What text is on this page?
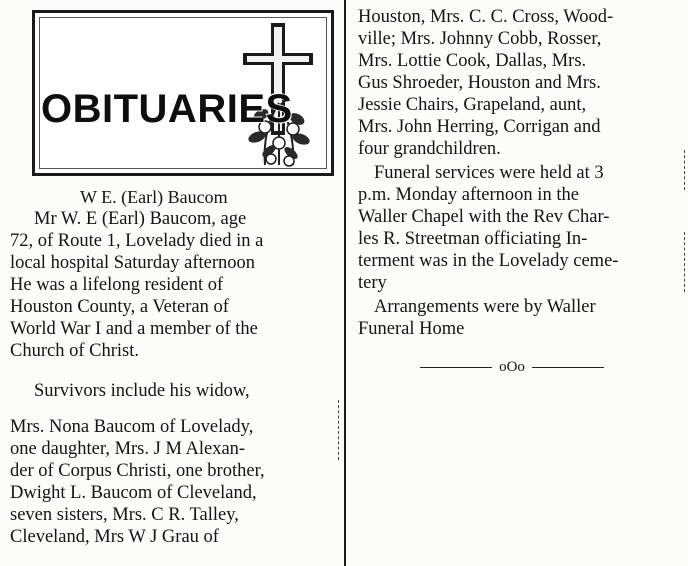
OBITUARIES
W E. (Earl) Baucom
Mr W. E (Earl) Baucom, age
72, of Route 1, Lovelady died in a
local hospital Saturday afternoon
He was a lifelong resident of
Houston County, a Veteran of
World War I and a member of the
Church of Christ.
Survivors include his widow,
Mrs. Nona Baucom of Lovelady,
one daughter, Mrs. J M Alexan-
der of Corpus Christi, one brother,
Dwight L. Baucom of Cleveland,
seven sisters, Mrs. C R. Talley,
Cleveland, Mrs W J Grau of
Houston, Mrs. C. C. Cross, Wood-
ville; Mrs. Johnny Cobb, Rosser,
Mrs. Lottie Cook, Dallas, Mrs.
Gus Shroeder, Houston and Mrs.
Jessie Chairs, Grapeland, aunt,
Mrs. John Herring, Corrigan and
four grandchildren.
Funeral services were held at 3
p.m. Monday afternoon in the
Waller Chapel with the Rev Char-
les R. Streetman officiating In-
terment was in the Lovelady ceme-
tery
Arrangements were by Waller
Funeral Home
oOo
